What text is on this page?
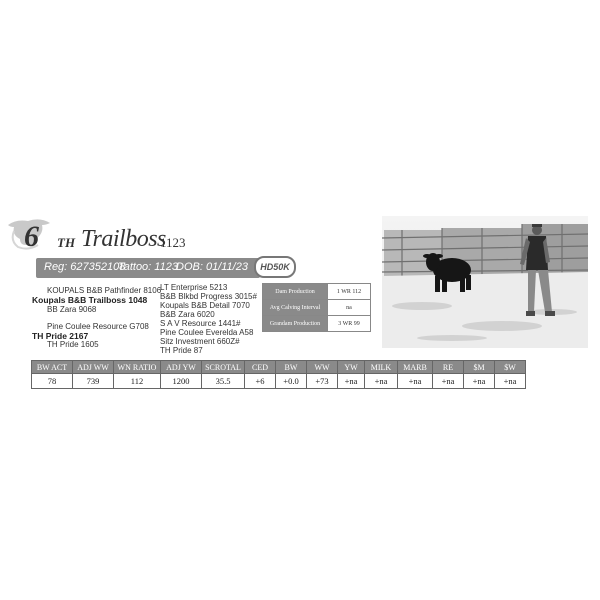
6 TH Trailboss
1123
Reg: 627352108
Tattoo: 1123
DOB: 01/11/23	HD50K
KOUPALS B&B Pathfinder 8106
Koupals B&B Trailboss 1048
BB Zara 9068
Pine Coulee Resource G708
TH Pride 2167
TH Pride 1605
LT Enterprise 5213
B&B Blkbd Progress 3015#
Koupals B&B Detail 7070
B&B Zara 6020
S A V Resource 1441#
Pine Coulee Everelda A58
Sitz Investment 660Z#
TH Pride 87
Dam Production	1 WR 112
Avg Calving Interval	na
Grandam Production	3 WR 99
BW ACT	ADJ WW	WN RATIO	ADJ YW	SCROTAL	CED	BW	WW	YW	MILK	MARB	RE	$M	$W
78	739	112	1200	35.5	+6	+0.0	+73	+na	+na	+na	+na	+na	+na
